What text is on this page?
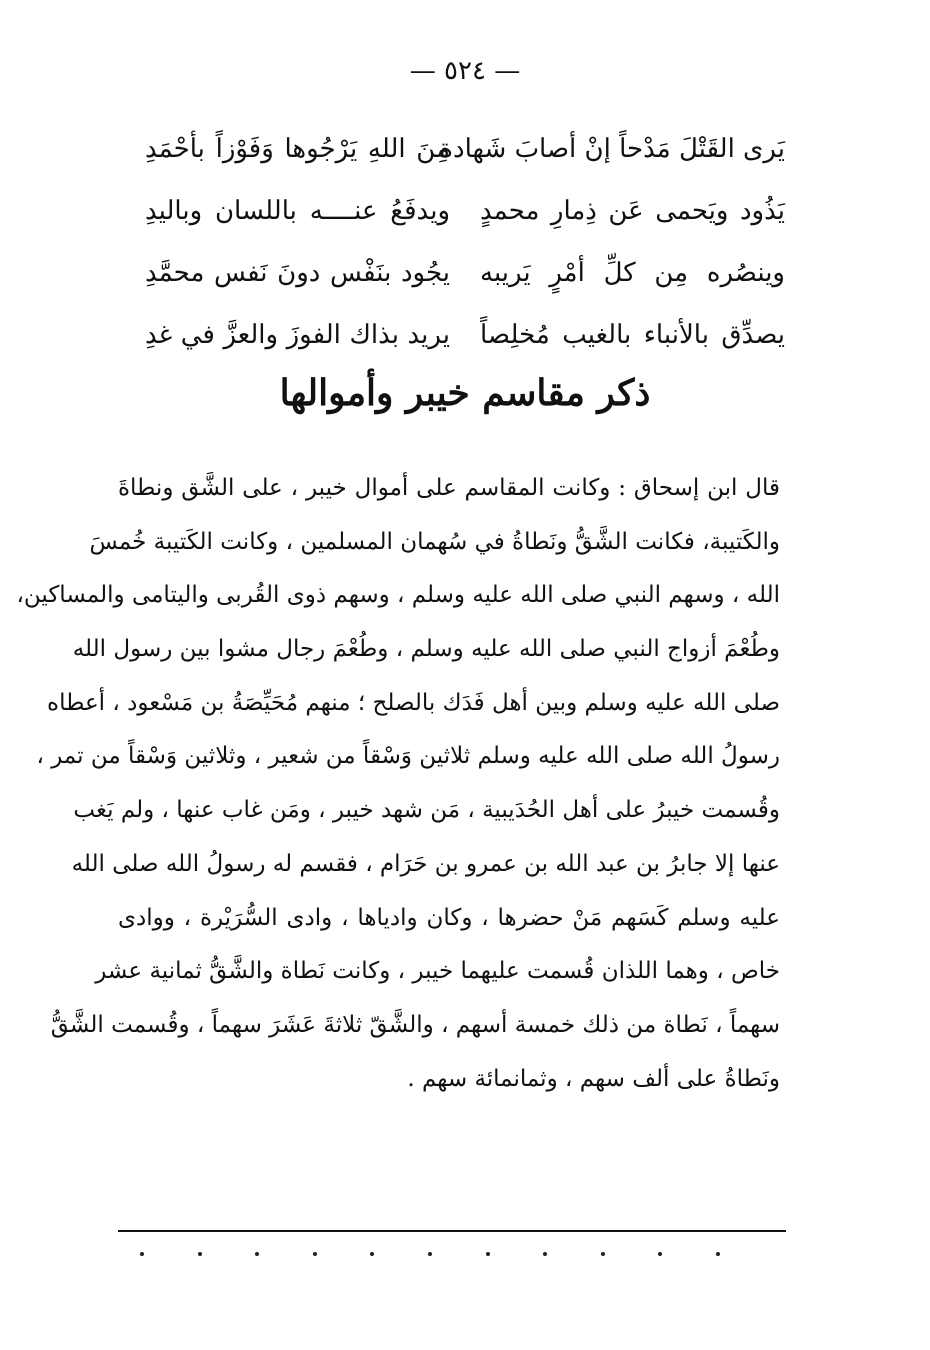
— ٥٢٤ —
يَرى القَتْلَ مَدْحاً إنْ أصابَ شَهادة
مِنَ اللهِ يَرْجُوها وَفَوْزاً بأحْمَدِ
يَذُود ويَحمى عَن ذِمارِ محمدٍ
ويدفَعُ عنــــه باللسان وباليدِ
وينصُره مِن كلِّ أمْرٍ يَريبه
يجُود بنَفْس دونَ نَفس محمَّدِ
يصدِّق بالأنباء بالغيب مُخلِصاً
يريد بذاك الفوزَ والعزَّ في غدِ
ذكر مقاسم خيبر وأموالها
قال ابن إسحاق : وكانت المقاسم على أموال خيبر ، على الشَّق ونطاةَ
والكَتيبة، فكانت الشَّقُّ ونَطاةُ في سُهمان المسلمين ، وكانت الكَتيبة خُمسَ
الله ، وسهم النبي صلى الله عليه وسلم ، وسهم ذوى القُربى واليتامى والمساكين،
وطُعْمَ أزواج النبي صلى الله عليه وسلم ، وطُعْمَ رجال مشوا بين رسول الله
صلى الله عليه وسلم وبين أهل فَدَك بالصلح ؛ منهم مُحَيِّصَةُ بن مَسْعود ، أعطاه
رسولُ الله صلى الله عليه وسلم ثلاثين وَسْقاً من شعير ، وثلاثين وَسْقاً من تمر ،
وقُسمت خيبرُ على أهل الحُدَيبية ، مَن شهد خيبر ، ومَن غاب عنها ، ولم يَغب
عنها إلا جابرُ بن عبد الله بن عمرو بن حَرَام ، فقسم له رسولُ الله صلى الله
عليه وسلم كَسَهم مَنْ حضرها ، وكان وادياها ، وادى السُّرَيْرة ، ووادى
خاص ، وهما اللذان قُسمت عليهما خيبر ، وكانت نَطاة والشَّقُّ ثمانية عشر
سهماً ، نَطاة من ذلك خمسة أسهم ، والشَّقّ ثلاثةَ عَشَرَ سهماً ، وقُسمت الشَّقُّ
ونَطاةُ على ألف سهم ، وثمانمائة سهم .
